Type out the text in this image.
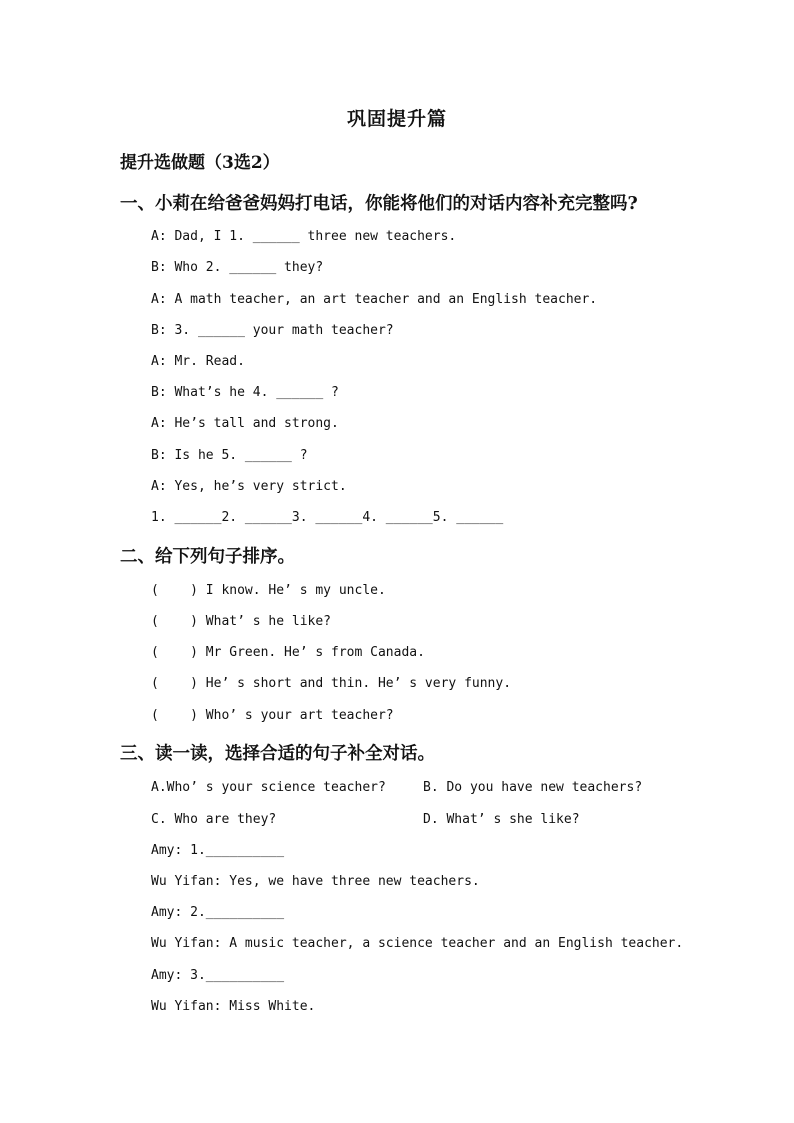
巩固提升篇
提升选做题（3选2）
一、小莉在给爸爸妈妈打电话，你能将他们的对话内容补充完整吗?
A: Dad, I 1. ______ three new teachers.
B: Who 2. ______ they?
A: A math teacher, an art teacher and an English teacher.
B: 3. ______ your math teacher?
A: Mr. Read.
B: What’s he 4. ______ ?
A: He’s tall and strong.
B: Is he 5. ______ ?
A: Yes, he’s very strict.
1. ______2. ______3. ______4. ______5. ______
二、给下列句子排序。
(    ) I know. He’ s my uncle.
(    ) What’ s he like?
(    ) Mr Green. He’ s from Canada.
(    ) He’ s short and thin. He’ s very funny.
(    ) Who’ s your art teacher?
三、读一读，选择合适的句子补全对话。
A.Who’ s your science teacher?	B. Do you have new teachers?
C. Who are they?	D. What’ s she like?
Amy: 1.__________
Wu Yifan: Yes, we have three new teachers.
Amy: 2.__________
Wu Yifan: A music teacher, a science teacher and an English teacher.
Amy: 3.__________
Wu Yifan: Miss White.
